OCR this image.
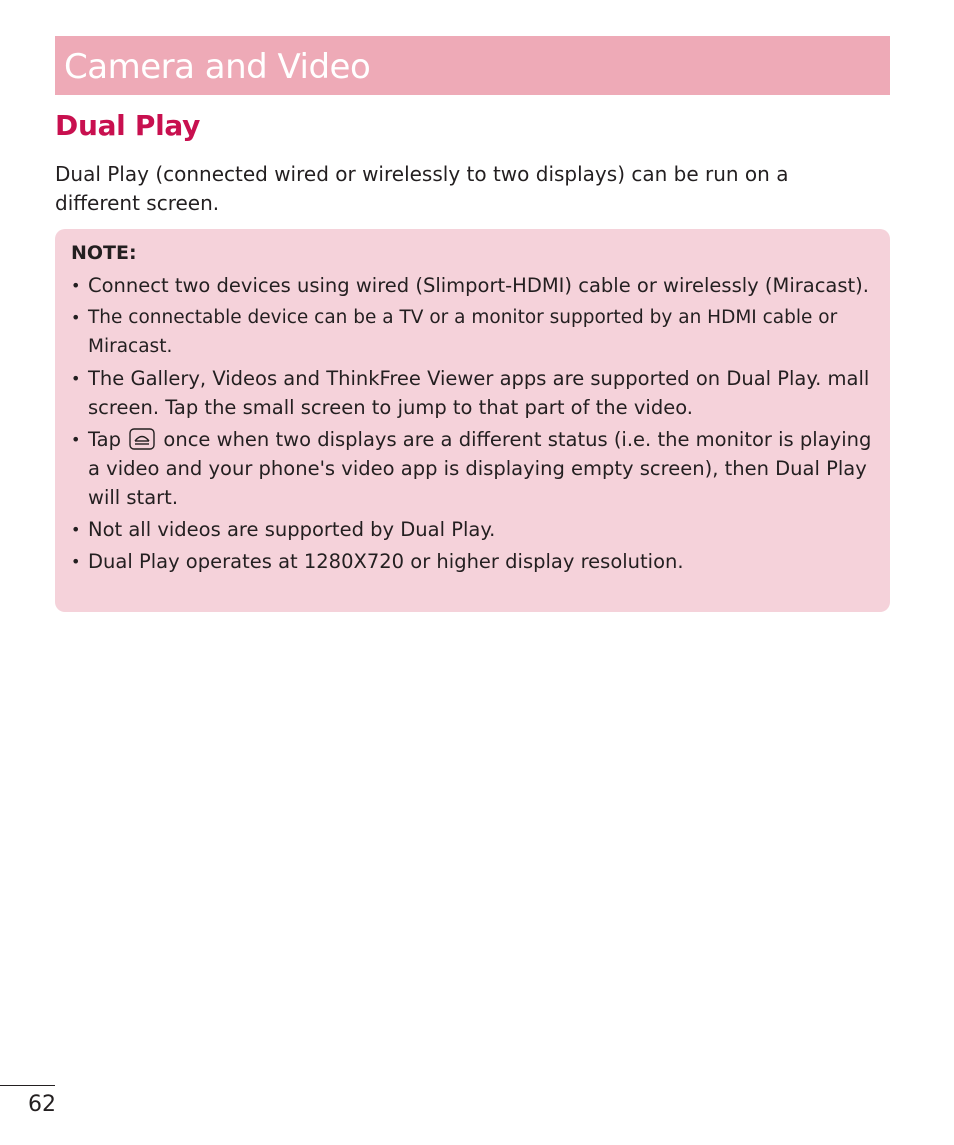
Camera and Video
Dual Play

Dual Play (connected wired or wirelessly to two displays) can be run on a different screen.

NOTE:

• Connect two devices using wired (Slimport-HDMI) cable or wirelessly (Miracast).
• The connectable device can be a TV or a monitor supported by an HDMI cable or Miracast.
• The Gallery, Videos and ThinkFree Viewer apps are supported on Dual Play. mall screen. Tap the small screen to jump to that part of the video.
• Tap  once when two displays are a different status (i.e. the monitor is playing a video and your phone's video app is displaying empty screen), then Dual Play will start.
• Not all videos are supported by Dual Play.
• Dual Play operates at 1280X720 or higher display resolution.
62
